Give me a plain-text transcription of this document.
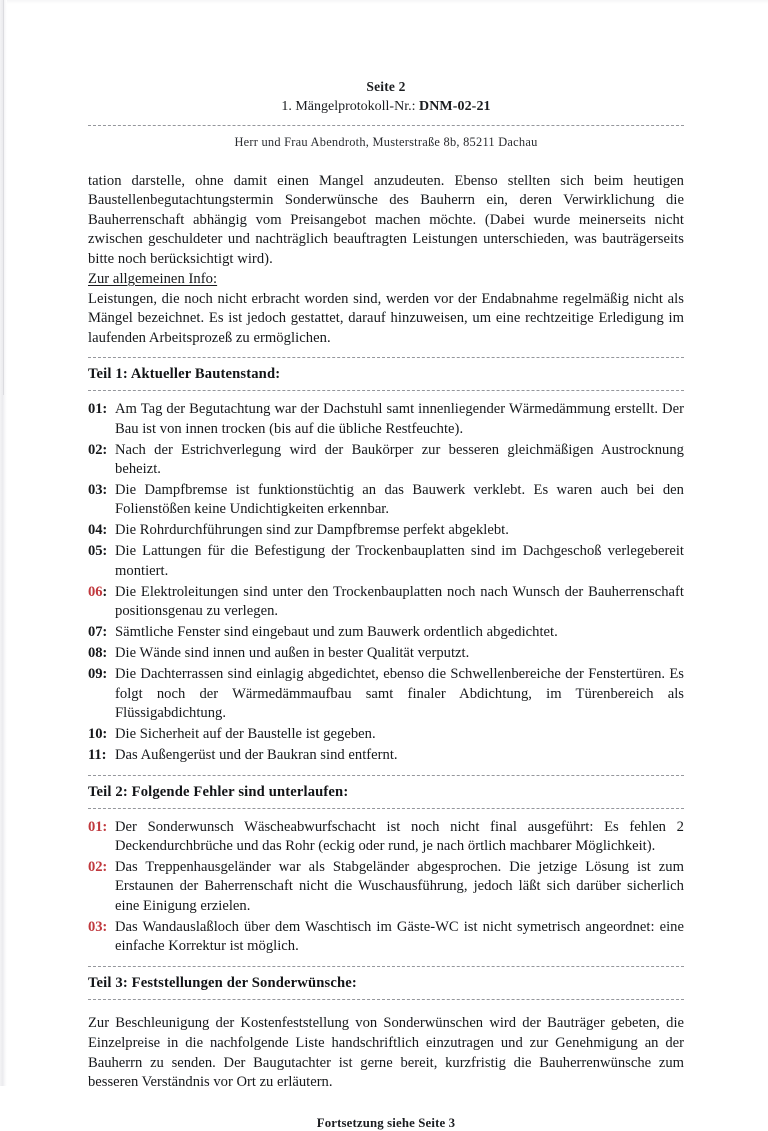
Seite 2
1. Mängelprotokoll-Nr.: DNM-02-21
Herr und Frau Abendroth, Musterstraße 8b, 85211 Dachau

tation darstelle, ohne damit einen Mangel anzudeuten. Ebenso stellten sich beim heutigen Baustellenbegutachtungstermin Sonderwünsche des Bauherrn ein, deren Verwirklichung die Bauherrenschaft abhängig vom Preisangebot machen möchte. (Dabei wurde meinerseits nicht zwischen geschuldeter und nachträglich beauftragten Leistungen unterschieden, was bauträgerseits bitte noch berücksichtigt wird).

Zur allgemeinen Info:

Leistungen, die noch nicht erbracht worden sind, werden vor der Endabnahme regelmäßig nicht als Mängel bezeichnet. Es ist jedoch gestattet, darauf hinzuweisen, um eine rechtzeitige Erledigung im laufenden Arbeitsprozeß zu ermöglichen.

Teil 1: Aktueller Bautenstand:
01: Am Tag der Begutachtung war der Dachstuhl samt innenliegender Wärmedämmung erstellt. Der Bau ist von innen trocken (bis auf die übliche Restfeuchte).
02: Nach der Estrichverlegung wird der Baukörper zur besseren gleichmäßigen Austrocknung beheizt.
03: Die Dampfbremse ist funktionstüchtig an das Bauwerk verklebt. Es waren auch bei den Folienstößen keine Undichtigkeiten erkennbar.
04: Die Rohrdurchführungen sind zur Dampfbremse perfekt abgeklebt.
05: Die Lattungen für die Befestigung der Trockenbauplatten sind im Dachgeschoß verlegebereit montiert.
06: Die Elektroleitungen sind unter den Trockenbauplatten noch nach Wunsch der Bauherrenschaft positionsgenau zu verlegen.
07: Sämtliche Fenster sind eingebaut und zum Bauwerk ordentlich abgedichtet.
08: Die Wände sind innen und außen in bester Qualität verputzt.
09: Die Dachterrassen sind einlagig abgedichtet, ebenso die Schwellenbereiche der Fenstertüren. Es folgt noch der Wärmedämmaufbau samt finaler Abdichtung, im Türenbereich als Flüssigabdichtung.
10: Die Sicherheit auf der Baustelle ist gegeben.
11: Das Außengerüst und der Baukran sind entfernt.
Teil 2: Folgende Fehler sind unterlaufen:
01: Der Sonderwunsch Wäscheabwurfschacht ist noch nicht final ausgeführt: Es fehlen 2 Deckendurchbrüche und das Rohr (eckig oder rund, je nach örtlich machbarer Möglichkeit).
02: Das Treppenhausgeländer war als Stabgeländer abgesprochen. Die jetzige Lösung ist zum Erstaunen der Baherrenschaft nicht die Wuschausführung, jedoch läßt sich darüber sicherlich eine Einigung erzielen.
03: Das Wandauslaßloch über dem Waschtisch im Gäste-WC ist nicht symetrisch angeordnet: eine einfache Korrektur ist möglich.
Teil 3: Feststellungen der Sonderwünsche:

Zur Beschleunigung der Kostenfeststellung von Sonderwünschen wird der Bauträger gebeten, die Einzelpreise in die nachfolgende Liste handschriftlich einzutragen und zur Genehmigung an der Bauherrn zu senden. Der Baugutachter ist gerne bereit, kurzfristig die Bauherrenwünsche zum besseren Verständnis vor Ort zu erläutern.

Fortsetzung siehe Seite 3
